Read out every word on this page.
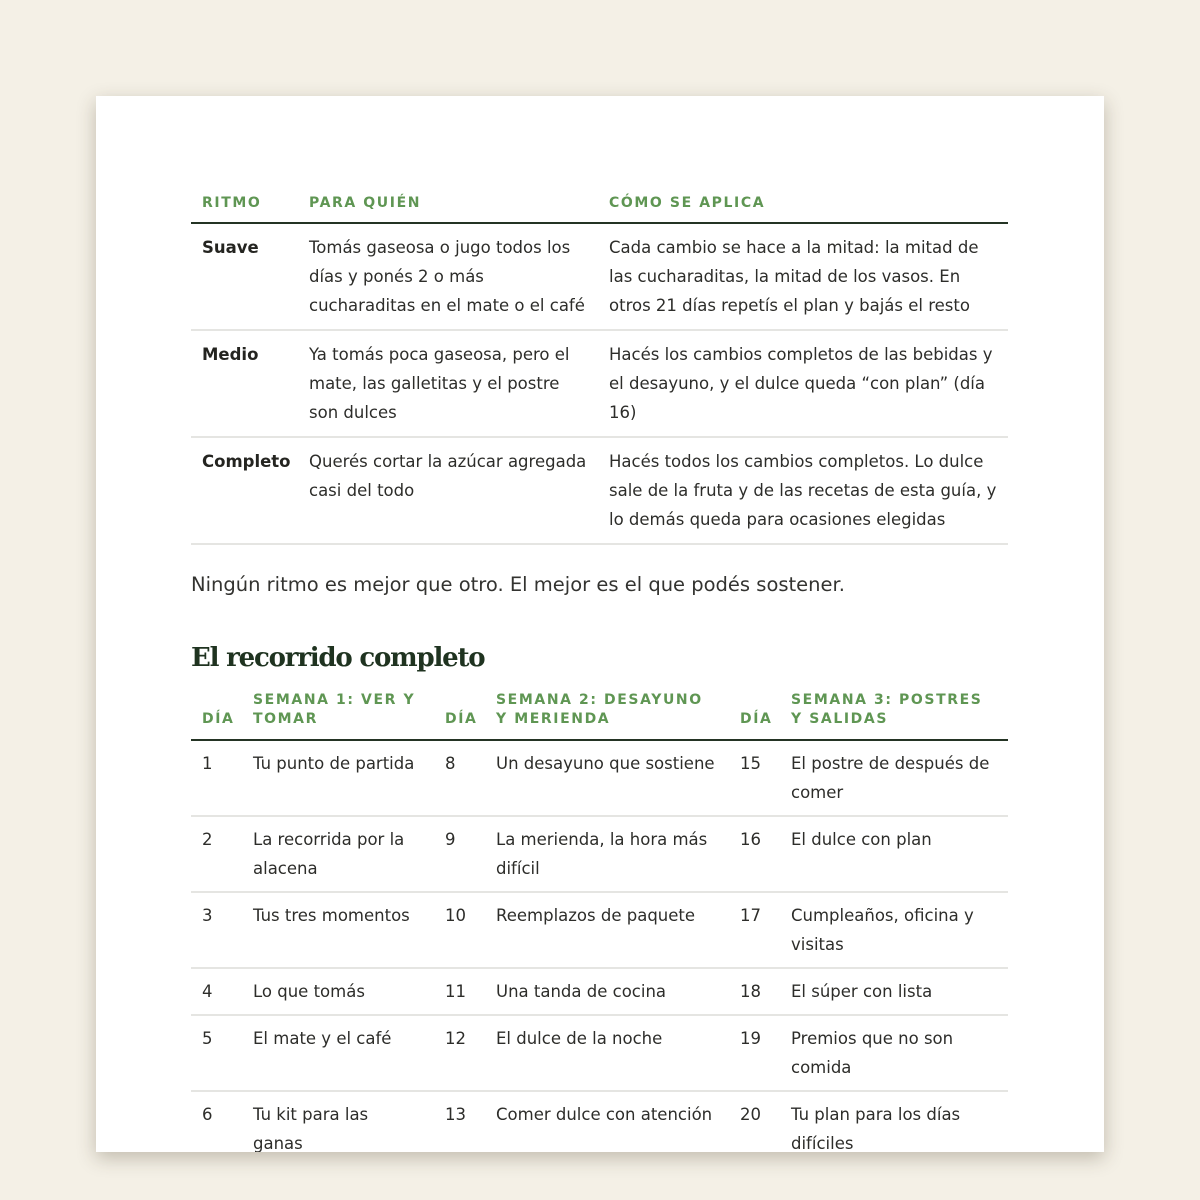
RITMO	PARA QUIÉN	CÓMO SE APLICA
Suave	Tomás gaseosa o jugo todos los días y ponés 2 o más cucharaditas en el mate o el café	Cada cambio se hace a la mitad: la mitad de las cucharaditas, la mitad de los vasos. En otros 21 días repetís el plan y bajás el resto
Medio	Ya tomás poca gaseosa, pero el mate, las galletitas y el postre son dulces	Hacés los cambios completos de las bebidas y el desayuno, y el dulce queda “con plan” (día 16)
Completo	Querés cortar la azúcar agregada casi del todo	Hacés todos los cambios completos. Lo dulce sale de la fruta y de las recetas de esta guía, y lo demás queda para ocasiones elegidas

Ningún ritmo es mejor que otro. El mejor es el que podés sostener.

El recorrido completo
DÍA	SEMANA 1: VER Y TOMAR	DÍA	SEMANA 2: DESAYUNO Y MERIENDA	DÍA	SEMANA 3: POSTRES Y SALIDAS
1	Tu punto de partida	8	Un desayuno que sostiene	15	El postre de después de comer
2	La recorrida por la alacena	9	La merienda, la hora más difícil	16	El dulce con plan
3	Tus tres momentos	10	Reemplazos de paquete	17	Cumpleaños, oficina y visitas
4	Lo que tomás	11	Una tanda de cocina	18	El súper con lista
5	El mate y el café	12	El dulce de la noche	19	Premios que no son comida
6	Tu kit para las ganas	13	Comer dulce con atención	20	Tu plan para los días difíciles
